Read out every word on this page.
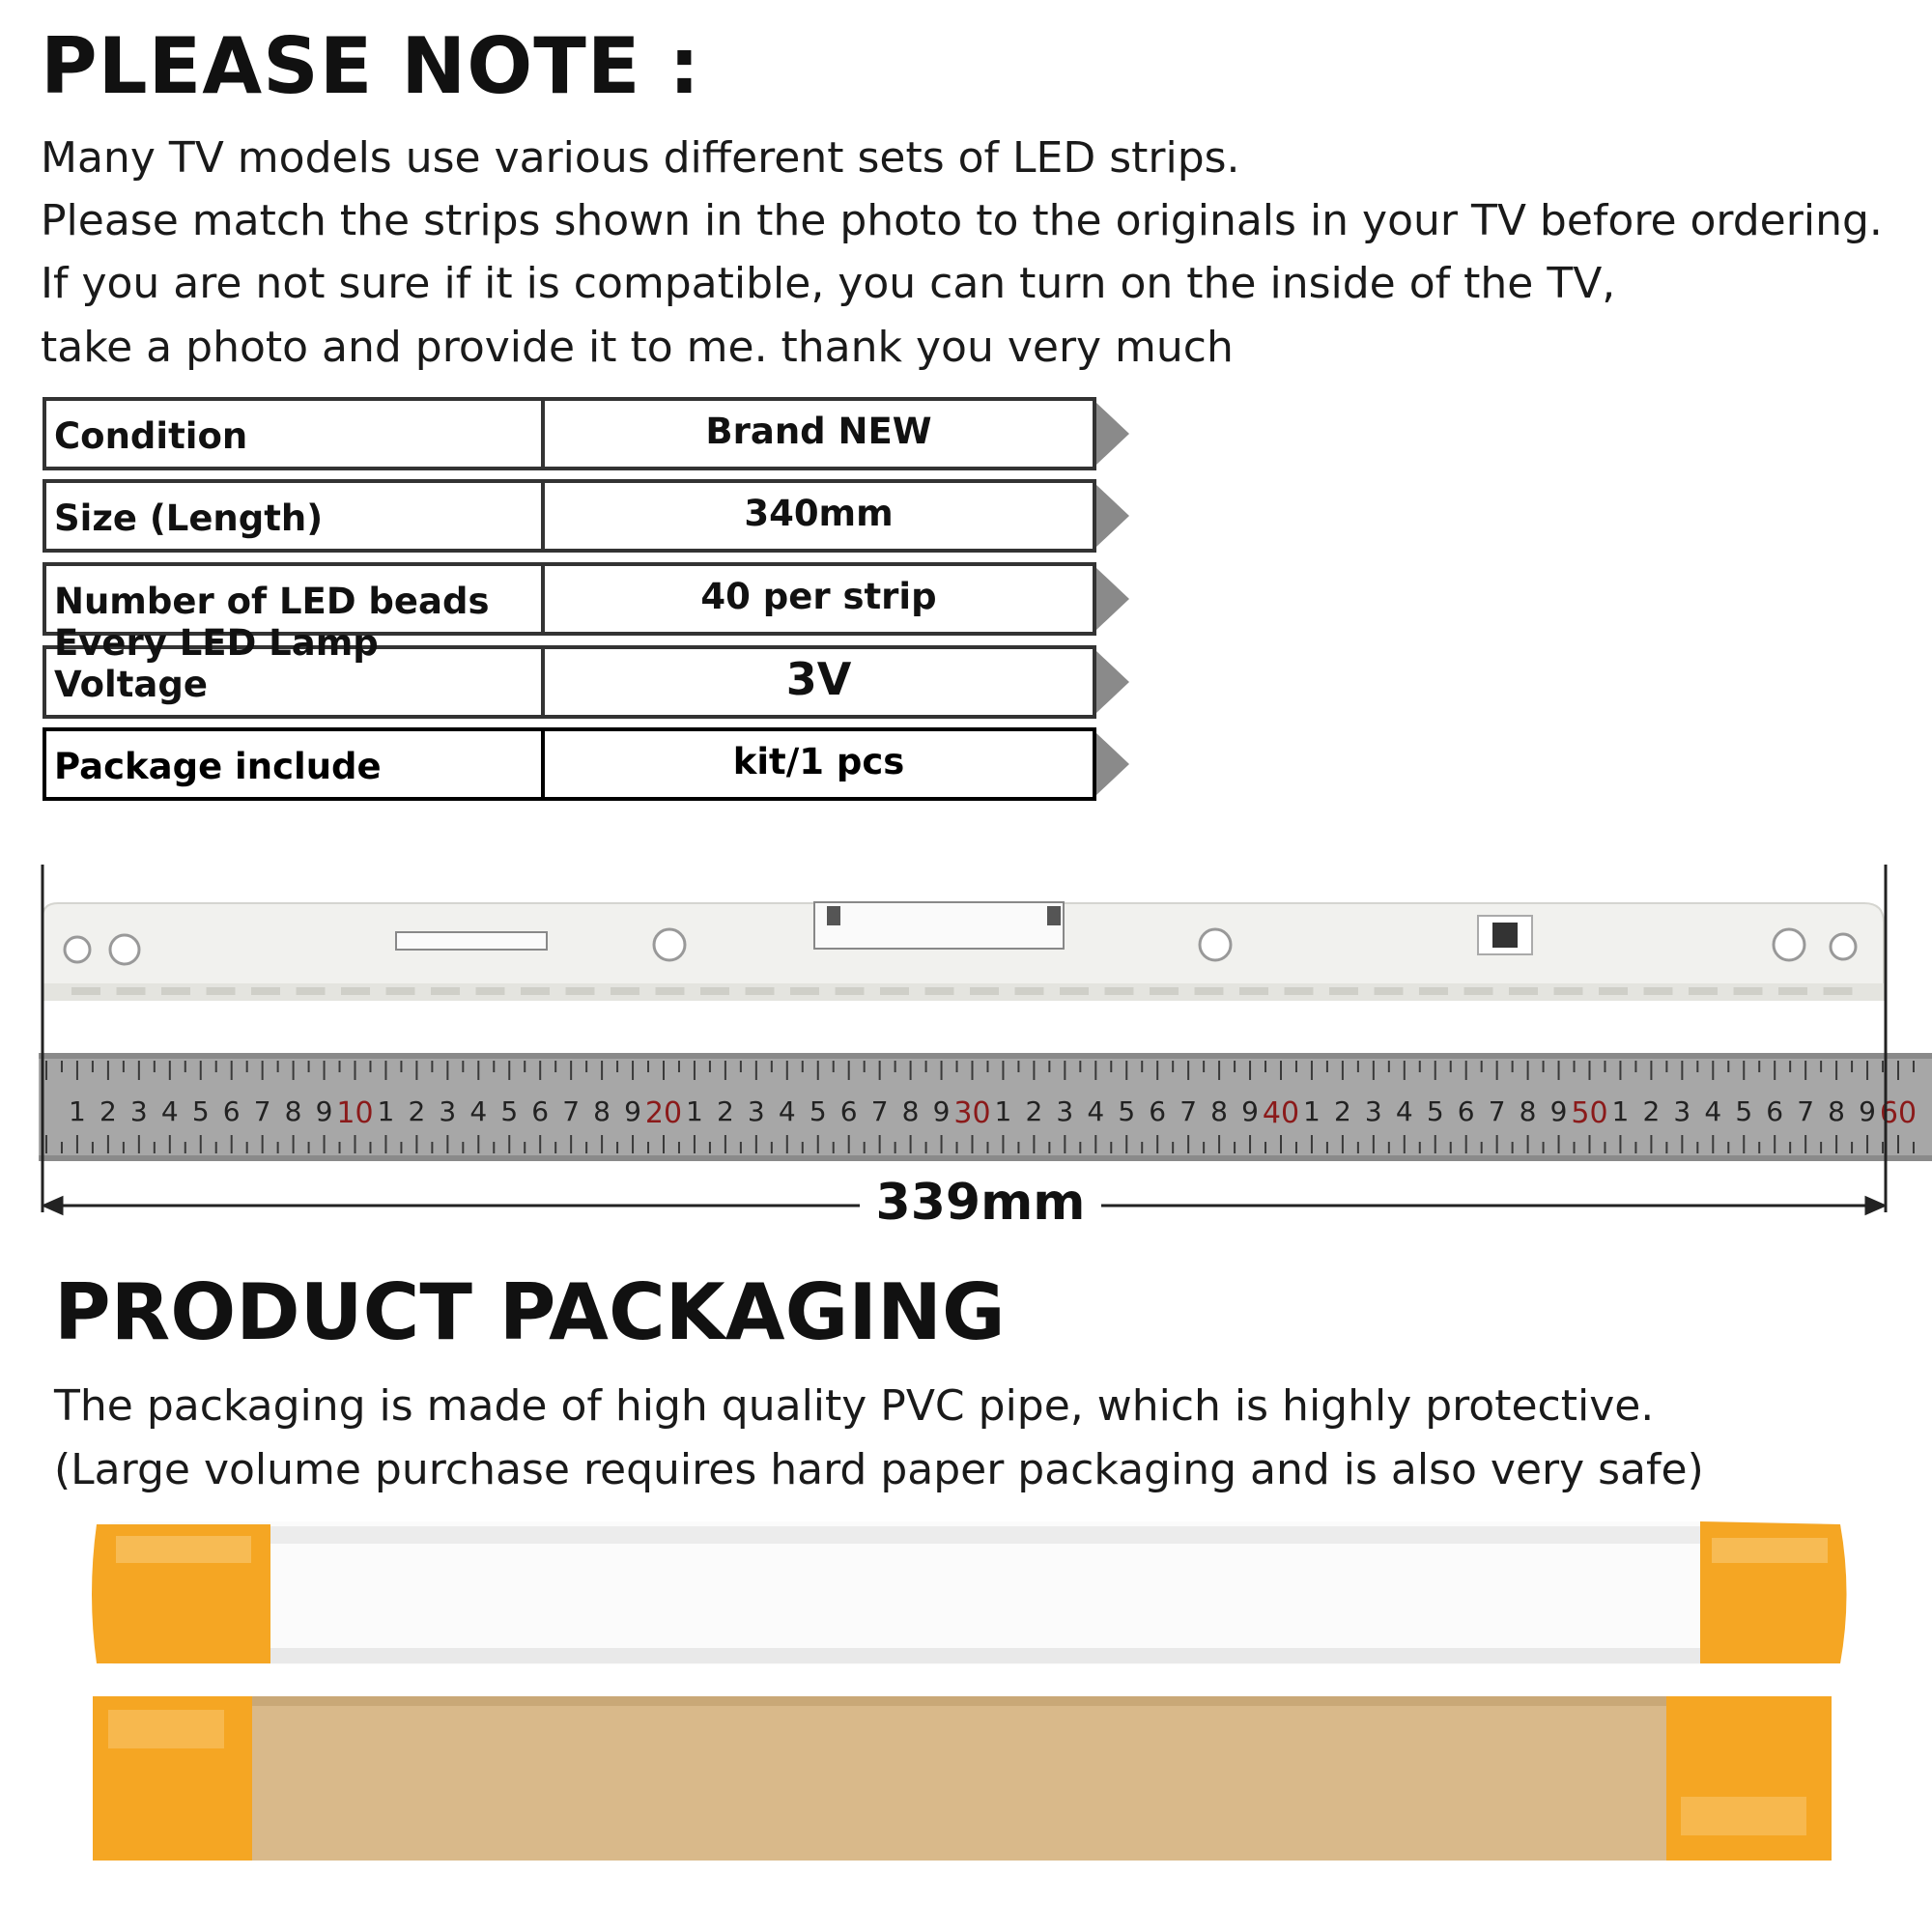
PLEASE NOTE :
Many TV models use various different sets of LED strips.
Please match the strips shown in the photo to the originals in your TV before ordering.
If you are not sure if it is compatible, you can turn on the inside of the TV,
take a photo and provide it to me. thank you very much
Condition	Brand NEW
Size (Length)	340mm
Number of LED beads	40 per strip
Every LED Lamp Voltage	3V
Package include	kit/1 pcs
1 2 3 4 5 6 7 8 9 1 2 3 4 5 6 7 8 9 1 2 3 4 5 6 7 8 9 1 2 3 4 5 6 7 8 9 1 2 3 4 5 6 7 8 9 1 2 3 4 5 6 7 8 9
10	20	30	40	50	60
339mm
PRODUCT PACKAGING
The packaging is made of high quality PVC pipe, which is highly protective.
(Large volume purchase requires hard paper packaging and is also very safe)
